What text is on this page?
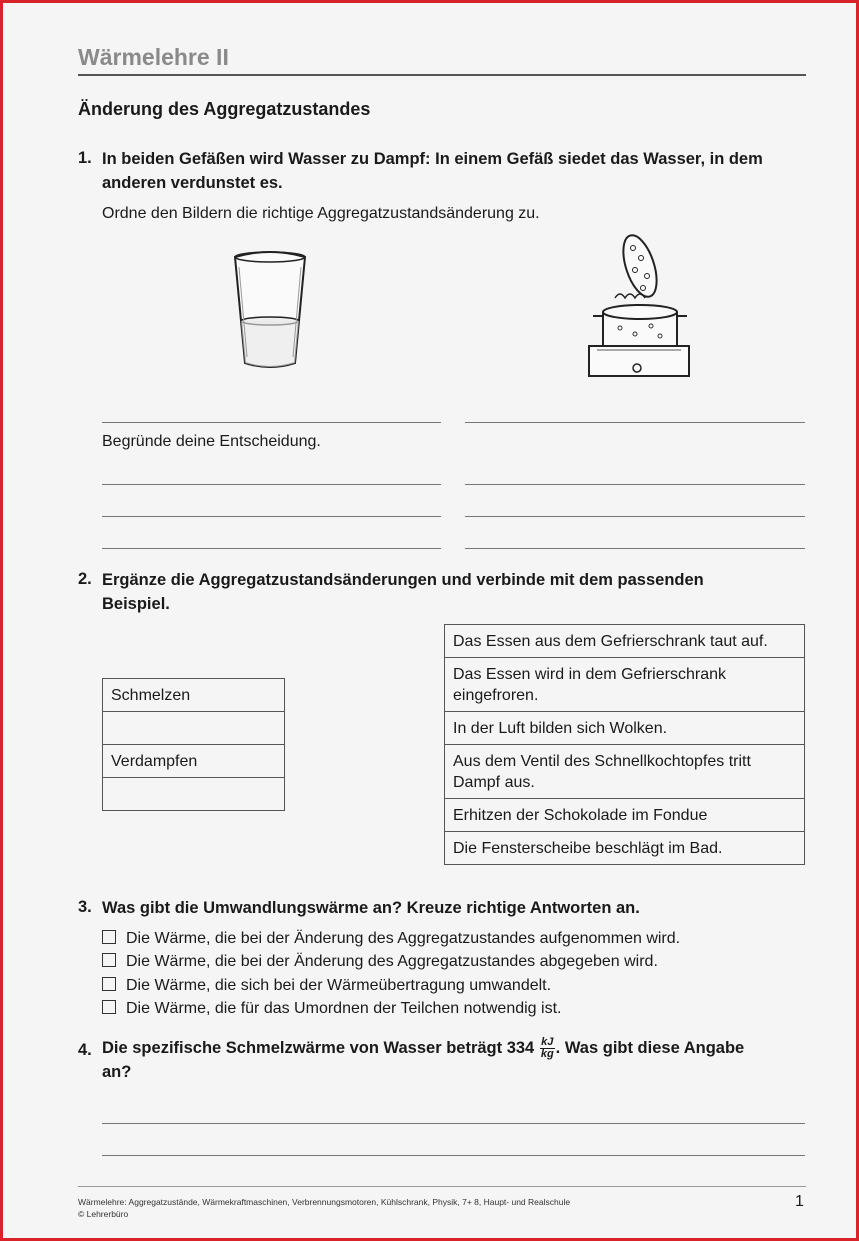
Wärmelehre II
Änderung des Aggregatzustandes
1. In beiden Gefäßen wird Wasser zu Dampf: In einem Gefäß siedet das Wasser, in dem
anderen verdunstet es.
Ordne den Bildern die richtige Aggregatzustandsänderung zu.
Begründe deine Entscheidung.
2. Ergänze die Aggregatzustandsänderungen und verbinde mit dem passenden
Beispiel.
Schmelzen

Verdampfen

Das Essen aus dem Gefrierschrank taut auf.
Das Essen wird in dem Gefrierschrank eingefroren.
In der Luft bilden sich Wolken.
Aus dem Ventil des Schnellkochtopfes tritt Dampf aus.
Erhitzen der Schokolade im Fondue
Die Fensterscheibe beschlägt im Bad.
3. Was gibt die Umwandlungswärme an? Kreuze richtige Antworten an.
Die Wärme, die bei der Änderung des Aggregatzustandes aufgenommen wird.
Die Wärme, die bei der Änderung des Aggregatzustandes abgegeben wird.
Die Wärme, die sich bei der Wärmeübertragung umwandelt.
Die Wärme, die für das Umordnen der Teilchen notwendig ist.
4. Die spezifische Schmelzwärme von Wasser beträgt $334 \frac{kJ}{kg}$ . Was gibt diese Angabe
an?
Wärmelehre: Aggregatzustände, Wärmekraftmaschinen, Verbrennungsmotoren, Kühlschrank, Physik, 7+ 8, Haupt- und Realschule
© Lehrerbüro
1
